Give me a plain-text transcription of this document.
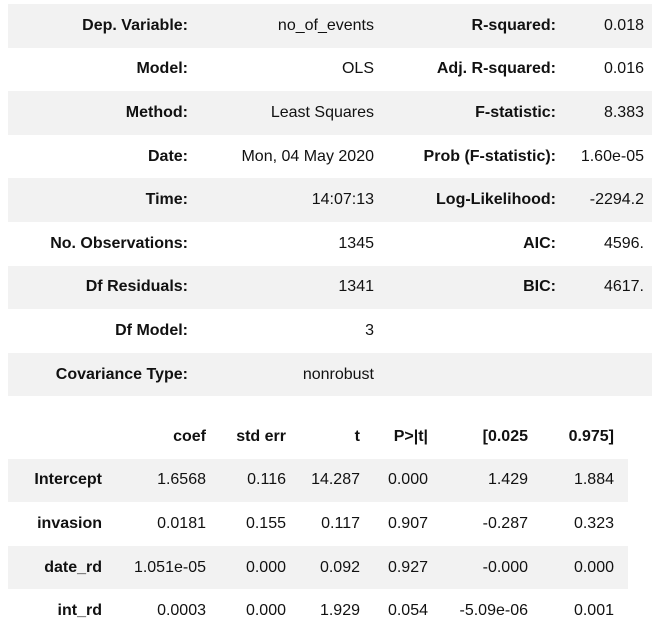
Dep. Variable:	no_of_events	R-squared:	0.018
Model:	OLS	Adj. R-squared:	0.016
Method:	Least Squares	F-statistic:	8.383
Date:	Mon, 04 May 2020	Prob (F-statistic):	1.60e-05
Time:	14:07:13	Log-Likelihood:	-2294.2
No. Observations:	1345	AIC:	4596.
Df Residuals:	1341	BIC:	4617.
Df Model:	3
Covariance Type:	nonrobust
coef	std err	t	P>|t|	[0.025	0.975]
Intercept	1.6568	0.116	14.287	0.000	1.429	1.884
invasion	0.0181	0.155	0.117	0.907	-0.287	0.323
date_rd	1.051e-05	0.000	0.092	0.927	-0.000	0.000
int_rd	0.0003	0.000	1.929	0.054	-5.09e-06	0.001
